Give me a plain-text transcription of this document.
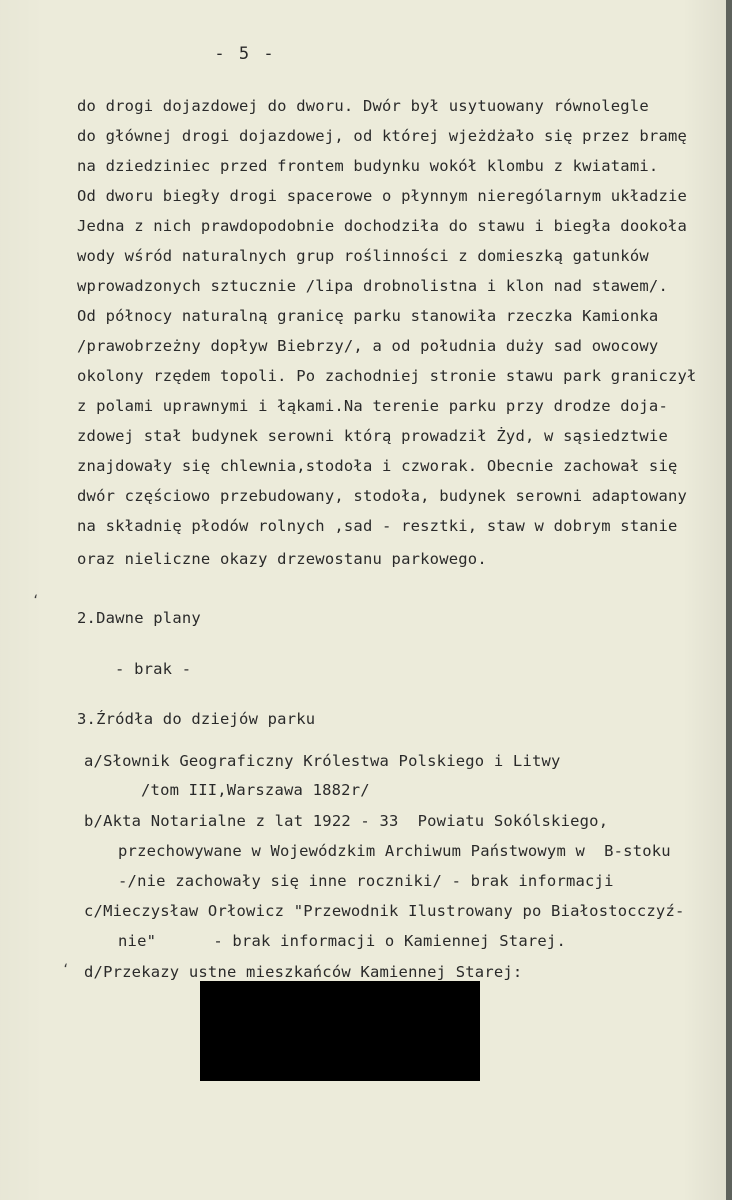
- 5 -
do drogi dojazdowej do dworu. Dwór był usytuowany równolegle
do głównej drogi dojazdowej, od której wjeżdżało się przez bramę
na dziedziniec przed frontem budynku wokół klombu z kwiatami.
Od dworu biegły drogi spacerowe o płynnym nierególarnym układzie
Jedna z nich prawdopodobnie dochodziła do stawu i biegła dookoła
wody wśród naturalnych grup roślinności z domieszką gatunków
wprowadzonych sztucznie /lipa drobnolistna i klon nad stawem/.
Od północy naturalną granicę parku stanowiła rzeczka Kamionka
/prawobrzeżny dopływ Biebrzy/, a od południa duży sad owocowy
okolony rzędem topoli. Po zachodniej stronie stawu park graniczył
z polami uprawnymi i łąkami.Na terenie parku przy drodze doja-
zdowej stał budynek serowni którą prowadził Żyd, w sąsiedztwie
znajdowały się chlewnia,stodoła i czworak. Obecnie zachował się
dwór częściowo przebudowany, stodoła, budynek serowni adaptowany
na składnię płodów rolnych ,sad - resztki, staw w dobrym stanie
oraz nieliczne okazy drzewostanu parkowego.
‘
2.Dawne plany
- brak -
3.Źródła do dziejów parku
a/Słownik Geograficzny Królestwa Polskiego i Litwy
/tom III,Warszawa 1882r/
b/Akta Notarialne z lat 1922 - 33  Powiatu Sokólskiego,
przechowywane w Wojewódzkim Archiwum Państwowym w  B-stoku
-/nie zachowały się inne roczniki/ - brak informacji
c/Mieczysław Orłowicz "Przewodnik Ilustrowany po Białostocczyź-
nie"      - brak informacji o Kamiennej Starej.
d/Przekazy ustne mieszkańców Kamiennej Starej:
‘
